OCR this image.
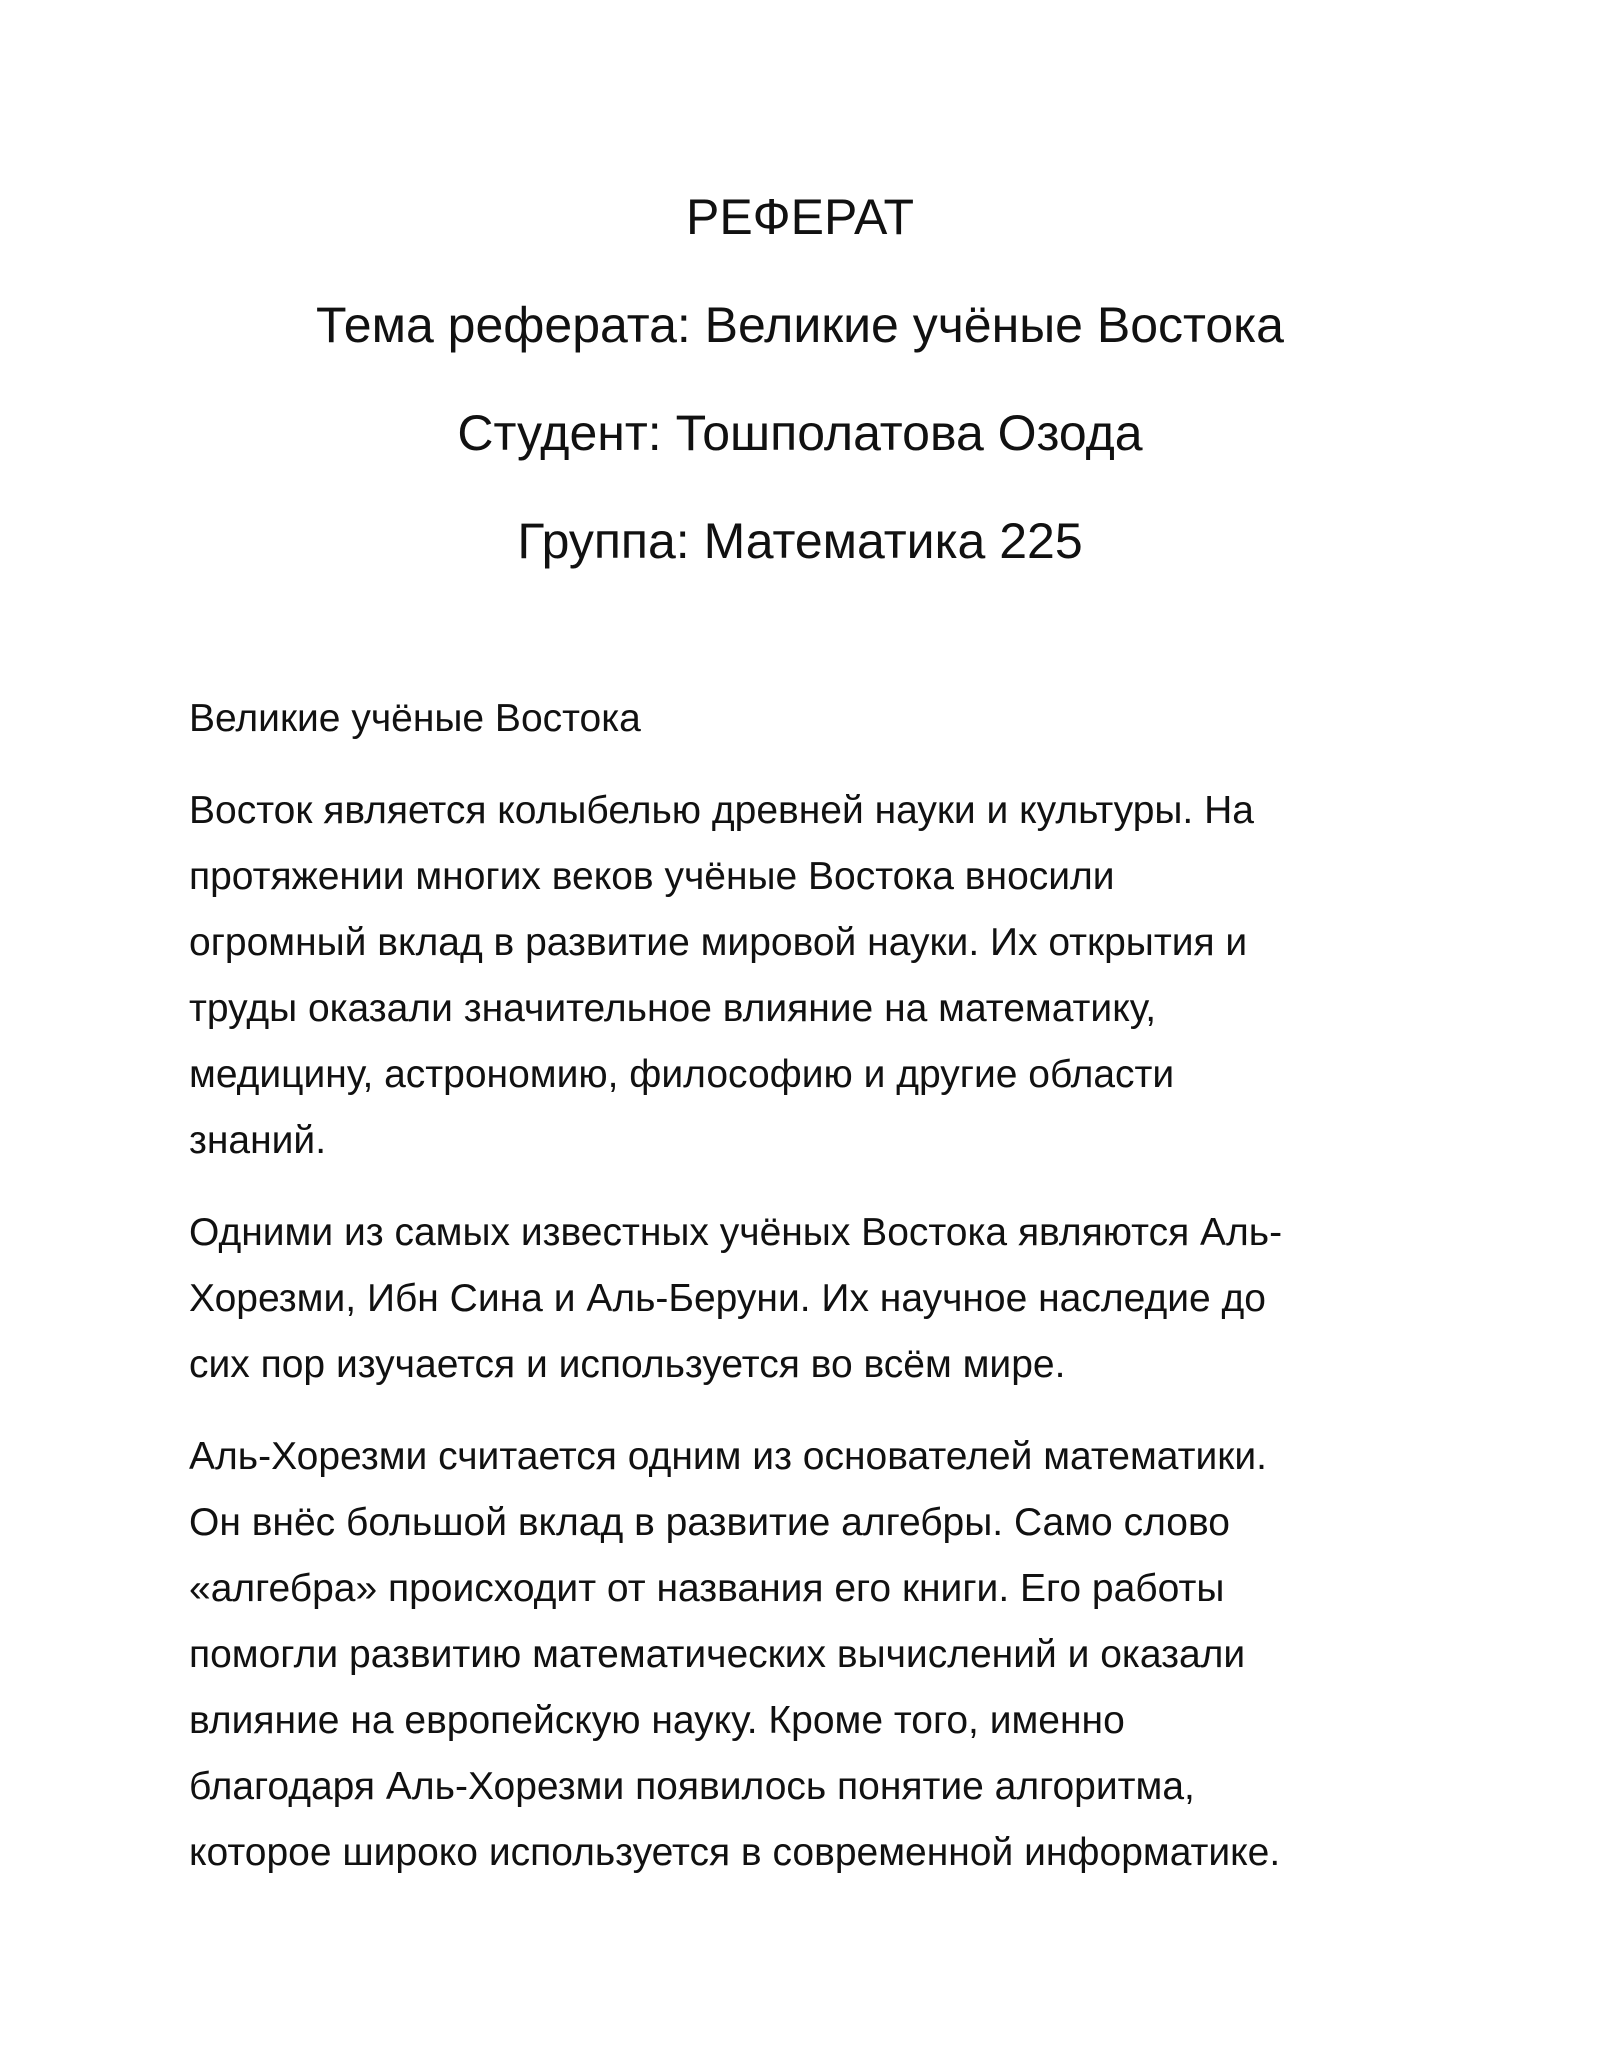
РЕФЕРАТ
Тема реферата: Великие учёные Востока
Студент: Тошполатова Озода
Группа: Математика 225
Великие учёные Востока
Восток является колыбелью древней науки и культуры. На
протяжении многих веков учёные Востока вносили
огромный вклад в развитие мировой науки. Их открытия и
труды оказали значительное влияние на математику,
медицину, астрономию, философию и другие области
знаний.
Одними из самых известных учёных Востока являются Аль-
Хорезми, Ибн Сина и Аль-Беруни. Их научное наследие до
сих пор изучается и используется во всём мире.
Аль-Хорезми считается одним из основателей математики.
Он внёс большой вклад в развитие алгебры. Само слово
«алгебра» происходит от названия его книги. Его работы
помогли развитию математических вычислений и оказали
влияние на европейскую науку. Кроме того, именно
благодаря Аль-Хорезми появилось понятие алгоритма,
которое широко используется в современной информатике.
